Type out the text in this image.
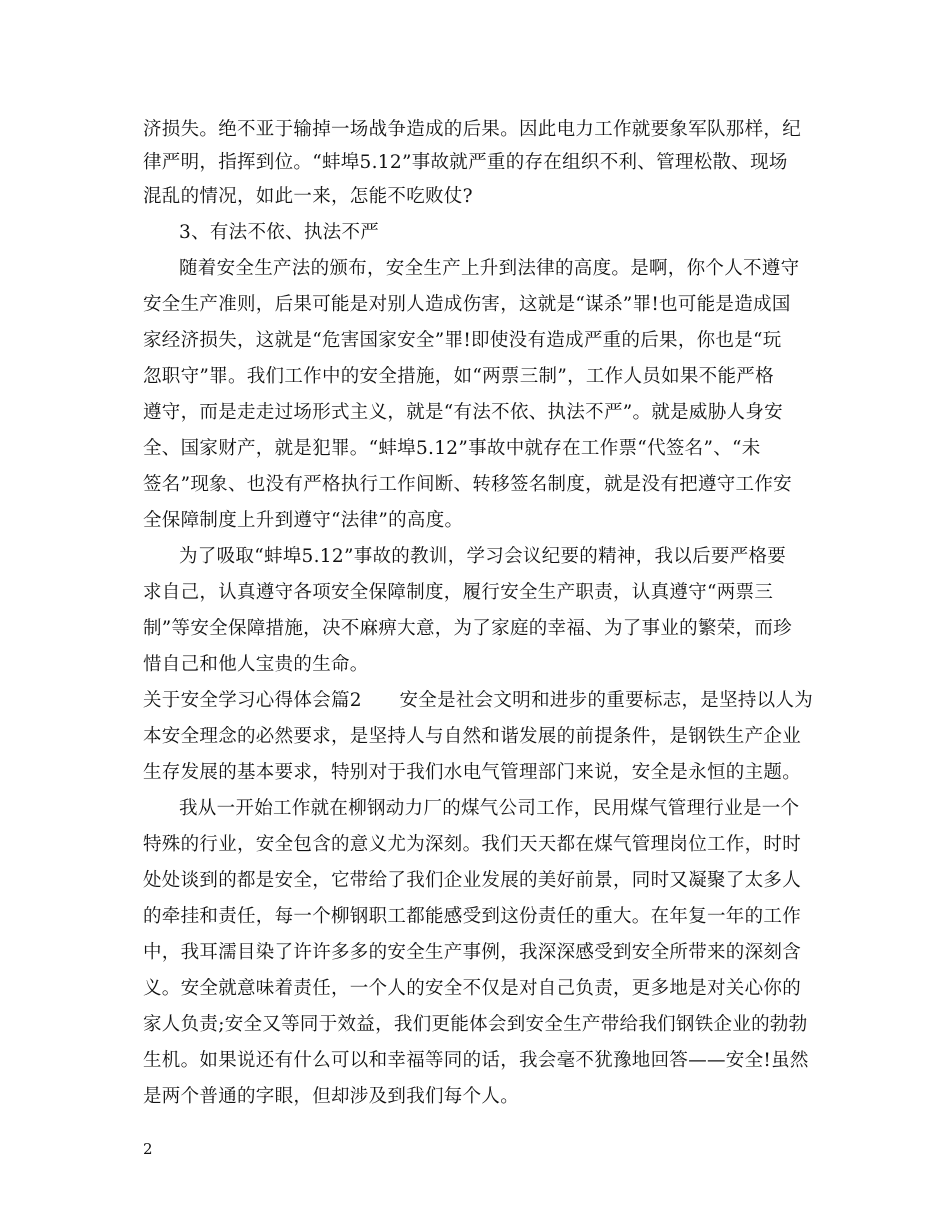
济损失。绝不亚于输掉一场战争造成的后果。因此电力工作就要象军队那样，纪
律严明，指挥到位。“蚌埠5.12”事故就严重的存在组织不利、管理松散、现场
混乱的情况，如此一来，怎能不吃败仗?
3、有法不依、执法不严
随着安全生产法的颁布，安全生产上升到法律的高度。是啊，你个人不遵守
安全生产准则，后果可能是对别人造成伤害，这就是“谋杀”罪!也可能是造成国
家经济损失，这就是“危害国家安全”罪!即使没有造成严重的后果，你也是“玩
忽职守”罪。我们工作中的安全措施，如“两票三制”，工作人员如果不能严格
遵守，而是走走过场形式主义，就是“有法不依、执法不严”。就是威胁人身安
全、国家财产，就是犯罪。“蚌埠5.12”事故中就存在工作票“代签名”、“未
签名”现象、也没有严格执行工作间断、转移签名制度，就是没有把遵守工作安
全保障制度上升到遵守“法律”的高度。
为了吸取“蚌埠5.12”事故的教训，学习会议纪要的精神，我以后要严格要
求自己，认真遵守各项安全保障制度，履行安全生产职责，认真遵守“两票三
制”等安全保障措施，决不麻痹大意，为了家庭的幸福、为了事业的繁荣，而珍
惜自己和他人宝贵的生命。
关于安全学习心得体会篇2　　安全是社会文明和进步的重要标志，是坚持以人为
本安全理念的必然要求，是坚持人与自然和谐发展的前提条件，是钢铁生产企业
生存发展的基本要求，特别对于我们水电气管理部门来说，安全是永恒的主题。
我从一开始工作就在柳钢动力厂的煤气公司工作，民用煤气管理行业是一个
特殊的行业，安全包含的意义尤为深刻。我们天天都在煤气管理岗位工作，时时
处处谈到的都是安全，它带给了我们企业发展的美好前景，同时又凝聚了太多人
的牵挂和责任，每一个柳钢职工都能感受到这份责任的重大。在年复一年的工作
中，我耳濡目染了许许多多的安全生产事例，我深深感受到安全所带来的深刻含
义。安全就意味着责任，一个人的安全不仅是对自己负责，更多地是对关心你的
家人负责;安全又等同于效益，我们更能体会到安全生产带给我们钢铁企业的勃勃
生机。如果说还有什么可以和幸福等同的话，我会毫不犹豫地回答——安全!虽然
是两个普通的字眼，但却涉及到我们每个人。
2
